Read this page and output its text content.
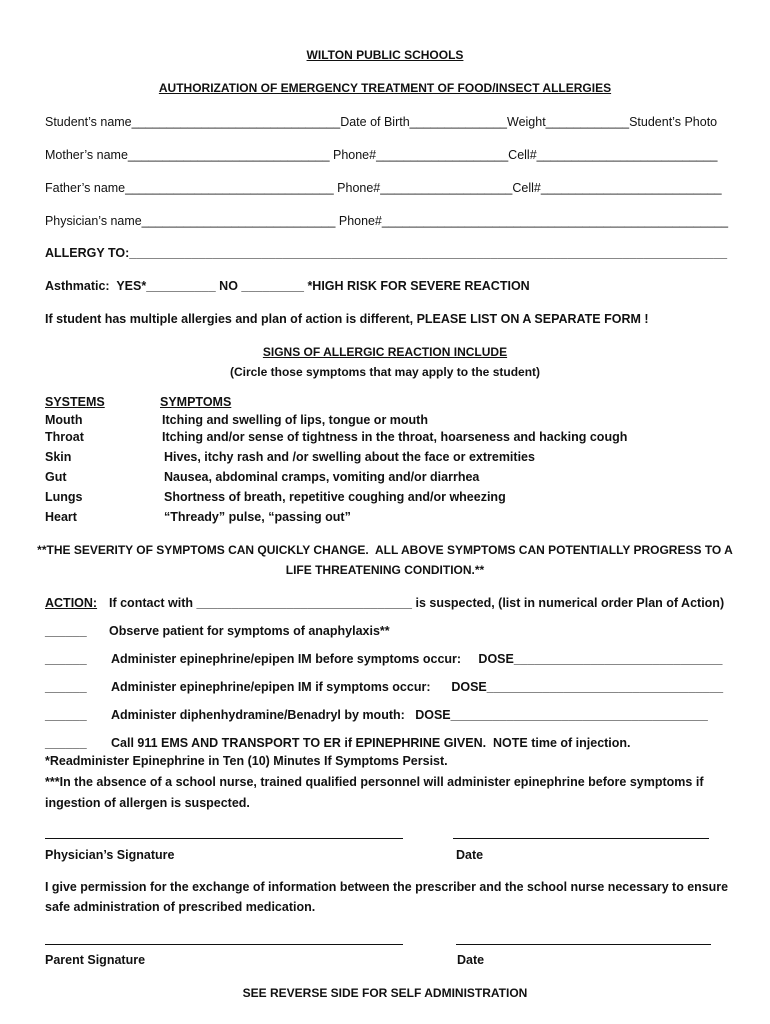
WILTON PUBLIC SCHOOLS
AUTHORIZATION OF EMERGENCY TREATMENT OF FOOD/INSECT ALLERGIES
Student’s name______________________________Date of Birth______________Weight____________Student’s Photo
Mother’s name_____________________________ Phone#___________________Cell#__________________________
Father’s name______________________________ Phone#___________________Cell#__________________________
Physician’s name____________________________ Phone#__________________________________________________
ALLERGY TO:______________________________________________________________________________________
Asthmatic:  YES*__________ NO _________ *HIGH RISK FOR SEVERE REACTION
If student has multiple allergies and plan of action is different, PLEASE LIST ON A SEPARATE FORM !
SIGNS OF ALLERGIC REACTION INCLUDE
(Circle those symptoms that may apply to the student)
SYSTEMS	SYMPTOMS
Mouth	Itching and swelling of lips, tongue or mouth
Throat	Itching and/or sense of tightness in the throat, hoarseness and hacking cough
Skin	Hives, itchy rash and /or swelling about the face or extremities
Gut	Nausea, abdominal cramps, vomiting and/or diarrhea
Lungs	Shortness of breath, repetitive coughing and/or wheezing
Heart	“Thready” pulse, “passing out”
**THE SEVERITY OF SYMPTOMS CAN QUICKLY CHANGE.  ALL ABOVE SYMPTOMS CAN POTENTIALLY PROGRESS TO A
LIFE THREATENING CONDITION.**
ACTION: If contact with _______________________________ is suspected, (list in numerical order Plan of Action)
______ Observe patient for symptoms of anaphylaxis**
______ Administer epinephrine/epipen IM before symptoms occur:     DOSE______________________________
______ Administer epinephrine/epipen IM if symptoms occur:      DOSE__________________________________
______ Administer diphenhydramine/Benadryl by mouth:   DOSE_____________________________________
______ Call 911 EMS AND TRANSPORT TO ER if EPINEPHRINE GIVEN.  NOTE time of injection.
*Readminister Epinephrine in Ten (10) Minutes If Symptoms Persist.
***In the absence of a school nurse, trained qualified personnel will administer epinephrine before symptoms if
ingestion of allergen is suspected.
Physician’s Signature	Date
I give permission for the exchange of information between the prescriber and the school nurse necessary to ensure
safe administration of prescribed medication.
Parent Signature	Date
SEE REVERSE SIDE FOR SELF ADMINISTRATION
